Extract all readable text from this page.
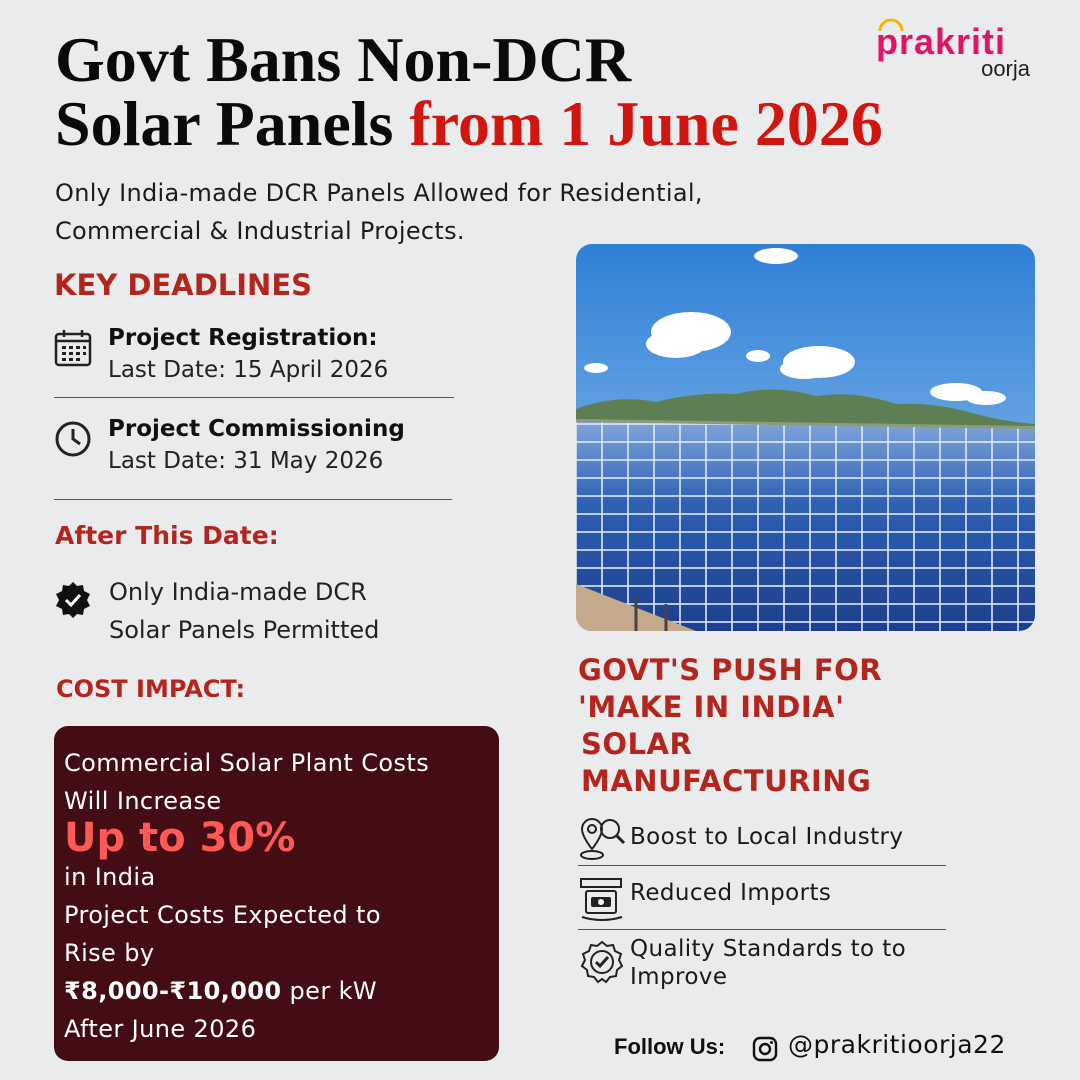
Govt Bans Non-DCR
Solar Panels from 1 June 2026
prakriti
oorja
Only India-made DCR Panels Allowed for Residential,
Commercial & Industrial Projects.
KEY DEADLINES
Project Registration:
Last Date: 15 April 2026
Project Commissioning
Last Date: 31 May 2026
After This Date:
Only India-made DCR
Solar Panels Permitted
COST IMPACT:
Commercial Solar Plant Costs
Will Increase
Up to 30%
in India
Project Costs Expected to
Rise by
₹8,000-₹10,000 per kW
After June 2026
GOVT'S PUSH FOR
'MAKE IN INDIA'
SOLAR
MANUFACTURING
Boost to Local Industry
Reduced Imports
Quality Standards to to
Improve
Follow Us:	@prakritioorja22
